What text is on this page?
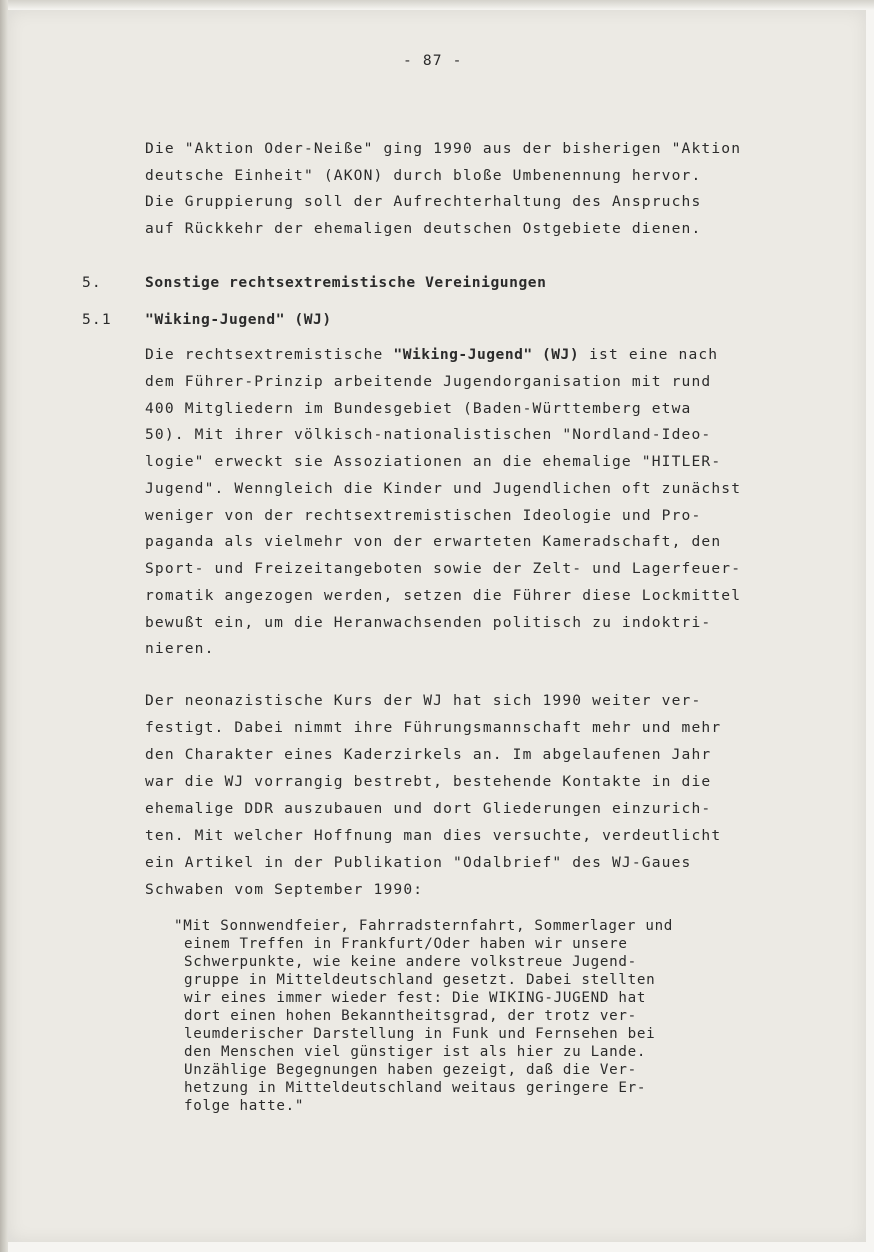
- 87 -
Die "Aktion Oder-Neiße" ging 1990 aus der bisherigen "Aktion
deutsche Einheit" (AKON) durch bloße Umbenennung hervor.
Die Gruppierung soll der Aufrechterhaltung des Anspruchs
auf Rückkehr der ehemaligen deutschen Ostgebiete dienen.
5.	Sonstige rechtsextremistische Vereinigungen
5.1 "Wiking-Jugend" (WJ)
Die rechtsextremistische "Wiking-Jugend" (WJ) ist eine nach
dem Führer-Prinzip arbeitende Jugendorganisation mit rund
400 Mitgliedern im Bundesgebiet (Baden-Württemberg etwa
50). Mit ihrer völkisch-nationalistischen "Nordland-Ideo-
logie" erweckt sie Assoziationen an die ehemalige "HITLER-
Jugend". Wenngleich die Kinder und Jugendlichen oft zunächst
weniger von der rechtsextremistischen Ideologie und Pro-
paganda als vielmehr von der erwarteten Kameradschaft, den
Sport- und Freizeitangeboten sowie der Zelt- und Lagerfeuer-
romatik angezogen werden, setzen die Führer diese Lockmittel
bewußt ein, um die Heranwachsenden politisch zu indoktri-
nieren.
Der neonazistische Kurs der WJ hat sich 1990 weiter ver-
festigt. Dabei nimmt ihre Führungsmannschaft mehr und mehr
den Charakter eines Kaderzirkels an. Im abgelaufenen Jahr
war die WJ vorrangig bestrebt, bestehende Kontakte in die
ehemalige DDR auszubauen und dort Gliederungen einzurich-
ten. Mit welcher Hoffnung man dies versuchte, verdeutlicht
ein Artikel in der Publikation "Odalbrief" des WJ-Gaues
Schwaben vom September 1990:
"Mit Sonnwendfeier, Fahrradsternfahrt, Sommerlager und
einem Treffen in Frankfurt/Oder haben wir unsere
Schwerpunkte, wie keine andere volkstreue Jugend-
gruppe in Mitteldeutschland gesetzt. Dabei stellten
wir eines immer wieder fest: Die WIKING-JUGEND hat
dort einen hohen Bekanntheitsgrad, der trotz ver-
leumderischer Darstellung in Funk und Fernsehen bei
den Menschen viel günstiger ist als hier zu Lande.
Unzählige Begegnungen haben gezeigt, daß die Ver-
hetzung in Mitteldeutschland weitaus geringere Er-
folge hatte."
